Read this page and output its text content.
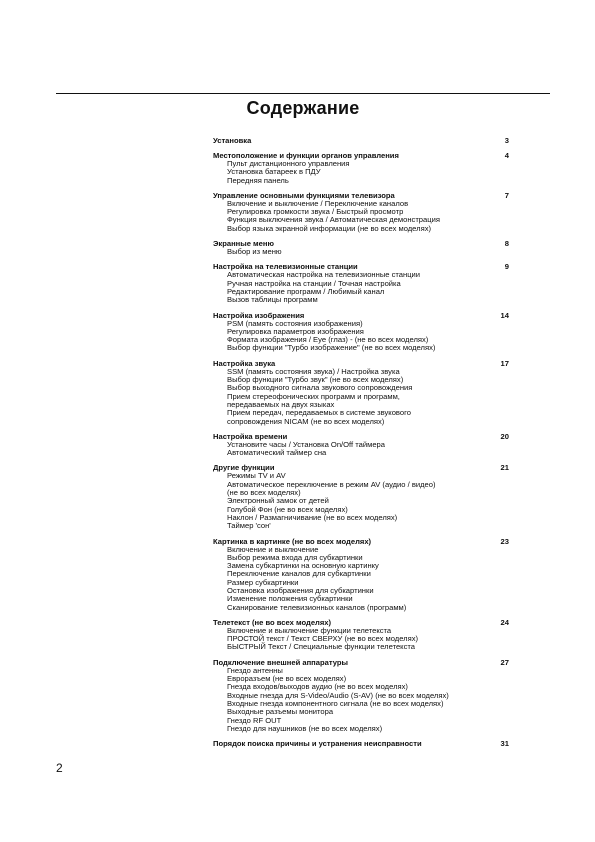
Содержание
Установка	3
Местоположение и функции органов управления	4
Пульт дистанционного управления
Установка батареек в ПДУ
Передняя панель
Управление основными функциями телевизора	7
Включение и выключение / Переключение каналов
Регулировка громкости звука / Быстрый просмотр
Функция выключения звука / Автоматическая демонстрация
Выбор языка экранной информации (не во всех моделях)
Экранные меню	8
Выбор из меню
Настройка на телевизионные станции	9
Автоматическая настройка на телевизионные станции
Ручная настройка на станции / Точная настройка
Редактирование программ / Любимый канал
Вызов таблицы программ
Настройка изображения	14
PSM (память состояния изображения)
Регулировка параметров изображения
Формата изображения / Eye (глаз) - (не во всех моделях)
Выбор функции "Турбо изображение" (не во всех моделях)
Настройка звука	17
SSM (память состояния звука) / Настройка звука
Выбор функции "Турбо звук" (не во всех моделях)
Выбор выходного сигнала звукового сопровождения
Прием стереофонических программ и программ,
передаваемых на двух языках
Прием передач, передаваемых в системе звукового
сопровождения NICAM (не во всех моделях)
Настройка времени	20
Установите часы / Установка On/Off таймера
Автоматический таймер сна
Другие функции	21
Режимы TV и AV
Автоматическое переключение в режим AV (аудио / видео)
(не во всех моделях)
Электронный замок от детей
Голубой Фон (не во всех моделях)
Наклон / Размагничивание (не во всех моделях)
Таймер 'сон'
Картинка в картинке (не во всех моделях)	23
Включение и выключение
Выбор режима входа для субкартинки
Замена субкартинки на основную картинку
Переключение каналов для субкартинки
Размер субкартинки
Остановка изображения для субкартинки
Изменение положения субкартинки
Сканирование телевизионных каналов (программ)
Телетекст (не во всех моделях)	24
Включение и выключение функции телетекста
ПРОСТОЙ текст / Текст СВЕРХУ (не во всех моделях)
БЫСТРЫЙ Текст / Специальные функции телетекста
Подключение внешней аппаратуры	27
Гнездо антенны
Евроразъем (не во всех моделях)
Гнезда входов/выходов аудио (не во всех моделях)
Входные гнезда для S-Video/Audio (S-AV) (не во всех моделях)
Входные гнезда компонентного сигнала (не во всех моделях)
Выходные разъемы монитора
Гнездо RF OUT
Гнездо для наушников (не во всех моделях)
Порядок поиска причины и устранения неисправности	31
2
